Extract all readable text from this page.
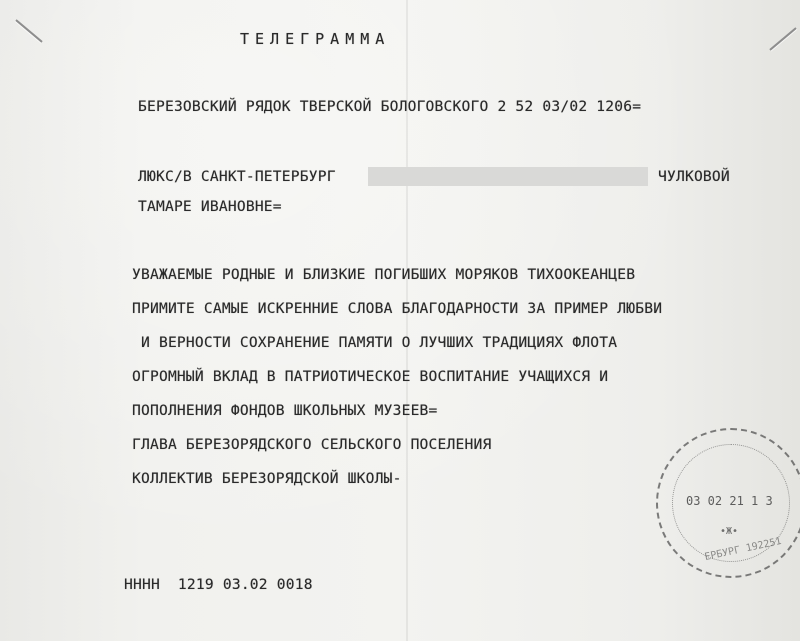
ТЕЛЕГРАММА
БЕРЕЗОВСКИЙ РЯДОК ТВЕРСКОЙ БОЛОГОВСКОГО 2 52 03/02 1206=
ЛЮКС/В САНКТ-ПЕТЕРБУРГ	ЧУЛКОВОЙ
ТАМАРЕ ИВАНОВНЕ=
УВАЖАЕМЫЕ РОДНЫЕ И БЛИЗКИЕ ПОГИБШИХ МОРЯКОВ ТИХООКЕАНЦЕВ
ПРИМИТЕ САМЫЕ ИСКРЕННИЕ СЛОВА БЛАГОДАРНОСТИ ЗА ПРИМЕР ЛЮБВИ
И ВЕРНОСТИ СОХРАНЕНИЕ ПАМЯТИ О ЛУЧШИХ ТРАДИЦИЯХ ФЛОТА
ОГРОМНЫЙ ВКЛАД В ПАТРИОТИЧЕСКОЕ ВОСПИТАНИЕ УЧАЩИХСЯ И
ПОПОЛНЕНИЯ ФОНДОВ ШКОЛЬНЫХ МУЗЕЕВ=
ГЛАВА БЕРЕЗОРЯДСКОГО СЕЛЬСКОГО ПОСЕЛЕНИЯ
КОЛЛЕКТИВ БЕРЕЗОРЯДСКОЙ ШКОЛЫ-
НННН  1219 03.02 0018
03 02 21 1 3
•Ж•
ЕРБУРГ 192251
